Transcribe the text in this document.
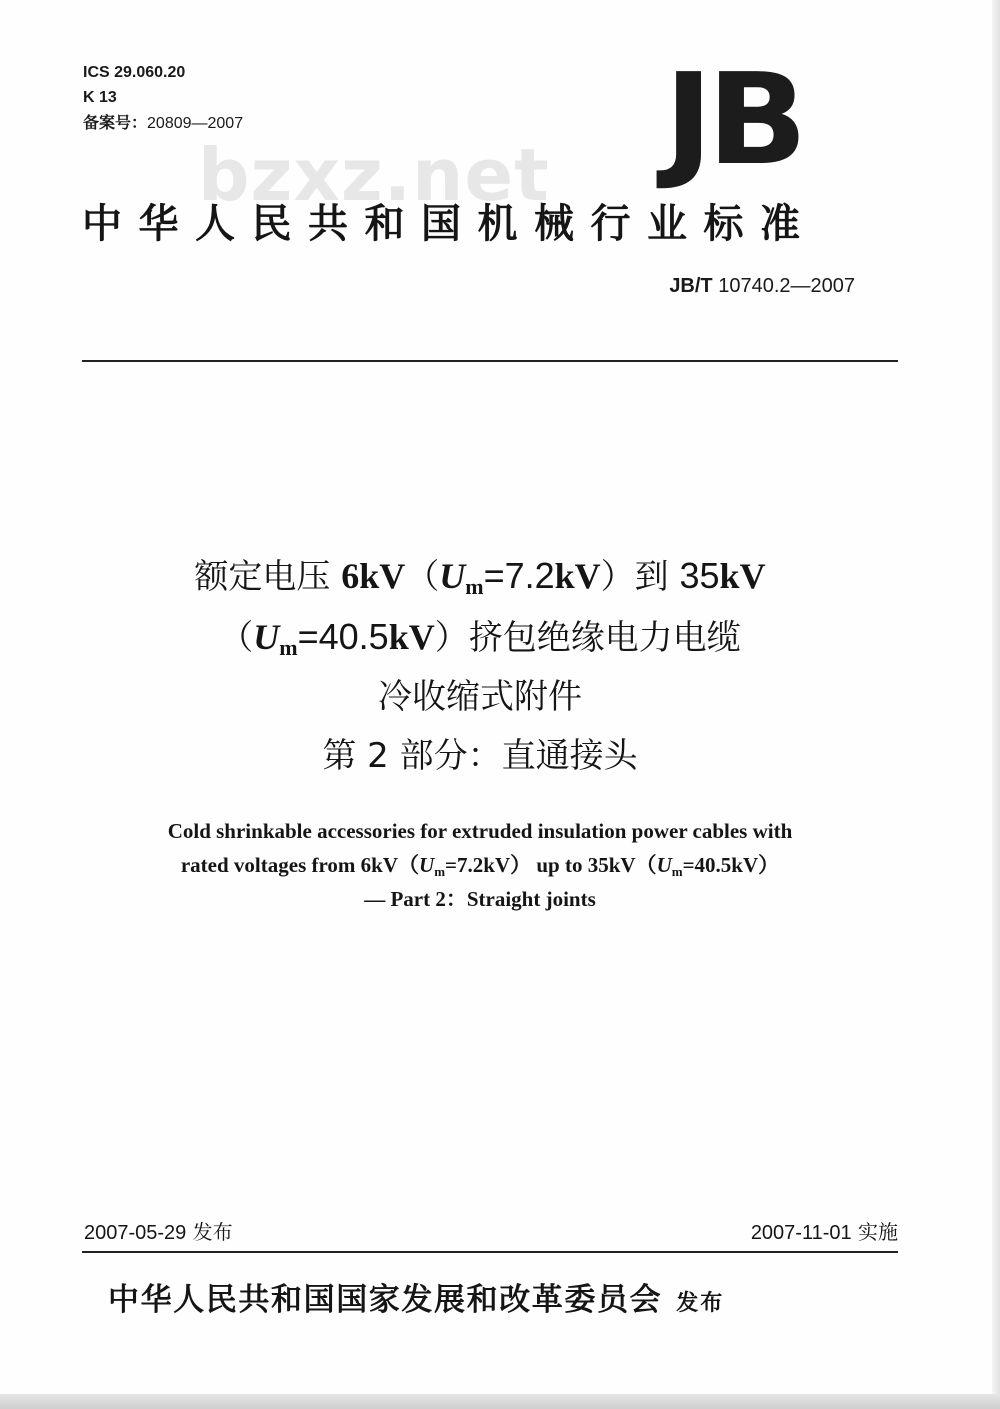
ICS 29.060.20
K 13
备案号：20809—2007	JB
bzxz.net
中华人民共和国机械行业标准
JB/T 10740.2—2007
额定电压 $6kV(U_m=7.2kV)$到 35kV
$(U_m=40.5kV)$挤包绝缘电力电缆
冷收缩式附件
第 2 部分：直通接头
Cold shrinkable accessories for extruded insulation power cables with
rated voltages from $6kV(U_m=7.2kV)$ up to $35kV(U_m=40.5kV)$
— Part 2：Straight joints
2007-05-29 发布	2007-11-01 实施
中华人民共和国国家发展和改革委员会 发布
